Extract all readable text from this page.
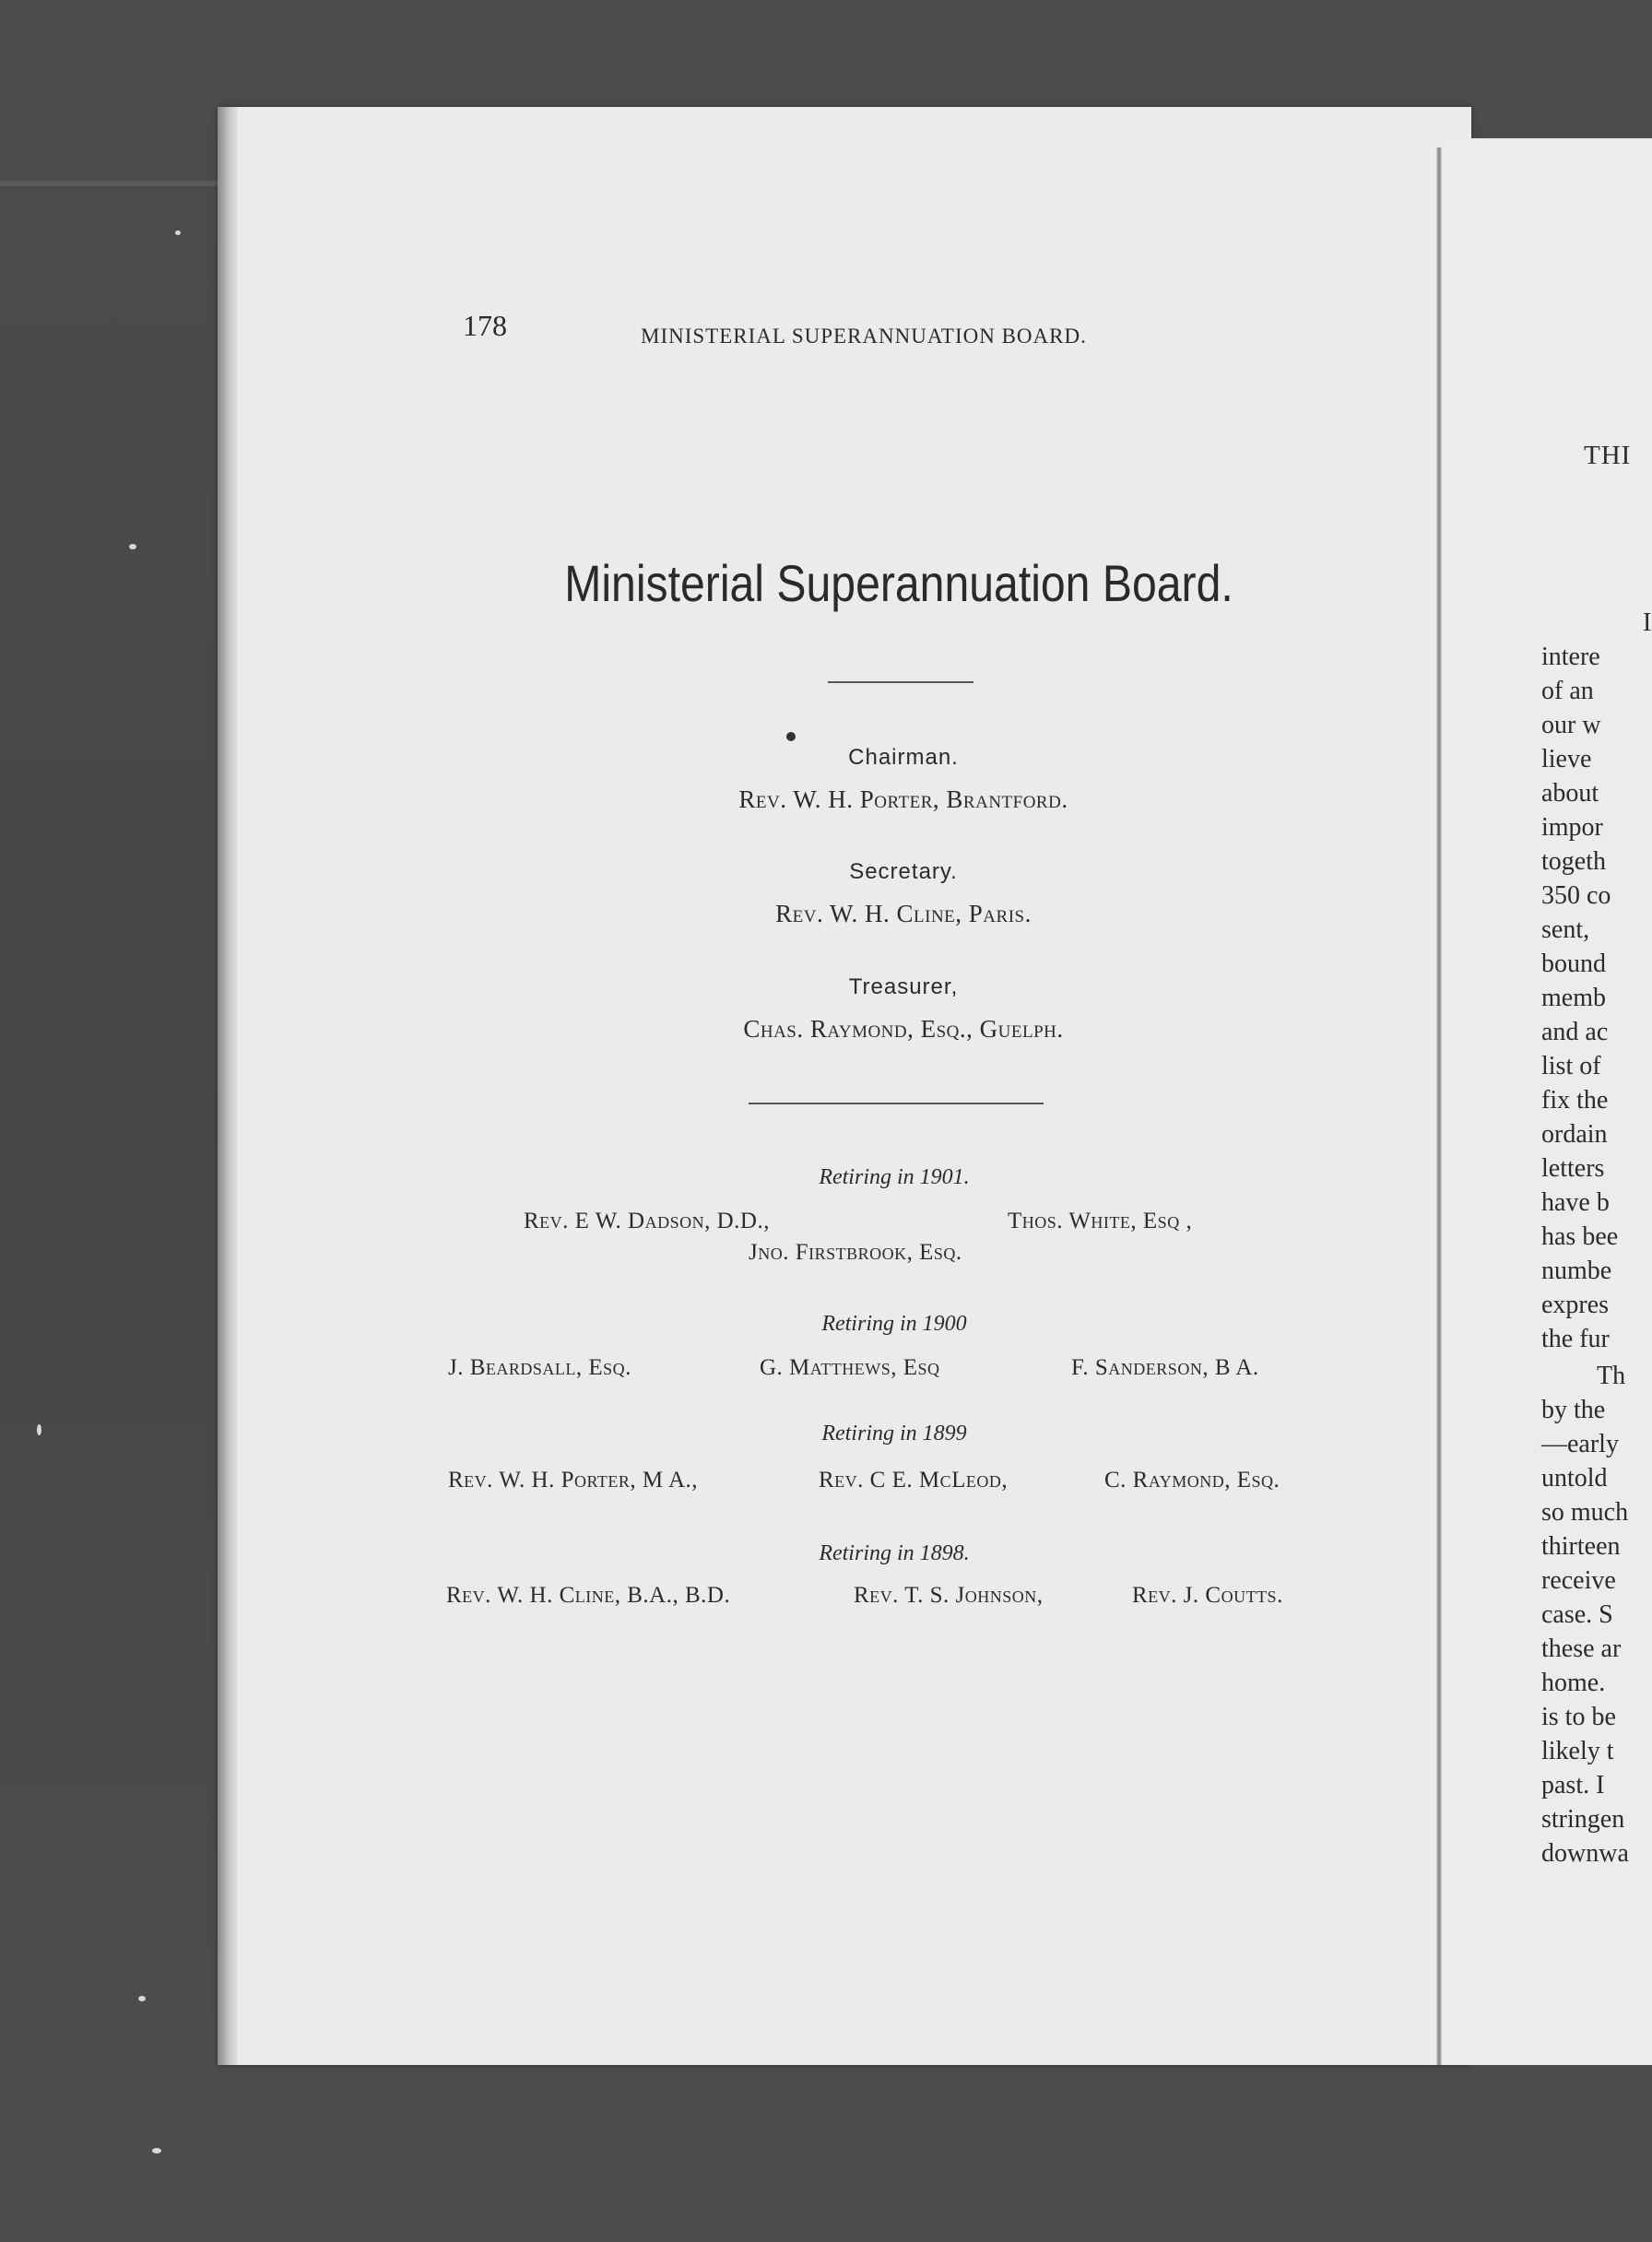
178	MINISTERIAL SUPERANNUATION BOARD.
Ministerial Superannuation Board.
Chairman.
Rev. W. H. Porter, Brantford.
Secretary.
Rev. W. H. Cline, Paris.
Treasurer,
Chas. Raymond, Esq., Guelph.
Retiring in 1901.
Rev. E W. Dadson, D.D.,	Thos. White, Esq ,
Jno. Firstbrook, Esq.
Retiring in 1900
J. Beardsall, Esq.	G. Matthews, Esq	F. Sanderson, B A.
Retiring in 1899
Rev. W. H. Porter, M A.,	Rev. C E. McLeod,	C. Raymond, Esq.
Retiring in 1898.
Rev. W. H. Cline, B.A., B.D.	Rev. T. S. Johnson,	Rev. J. Coutts.
THI
I
intere
of an
our w
lieve
about
impor
togeth
350 co
sent,
bound
memb
and ac
list of
fix the
ordain
letters
have b
has bee
numbe
expres
the fur
Th
by the
—early
untold
so much
thirteen
receive
case. S
these ar
home.
is to be
likely t
past. I
stringen
downwa
